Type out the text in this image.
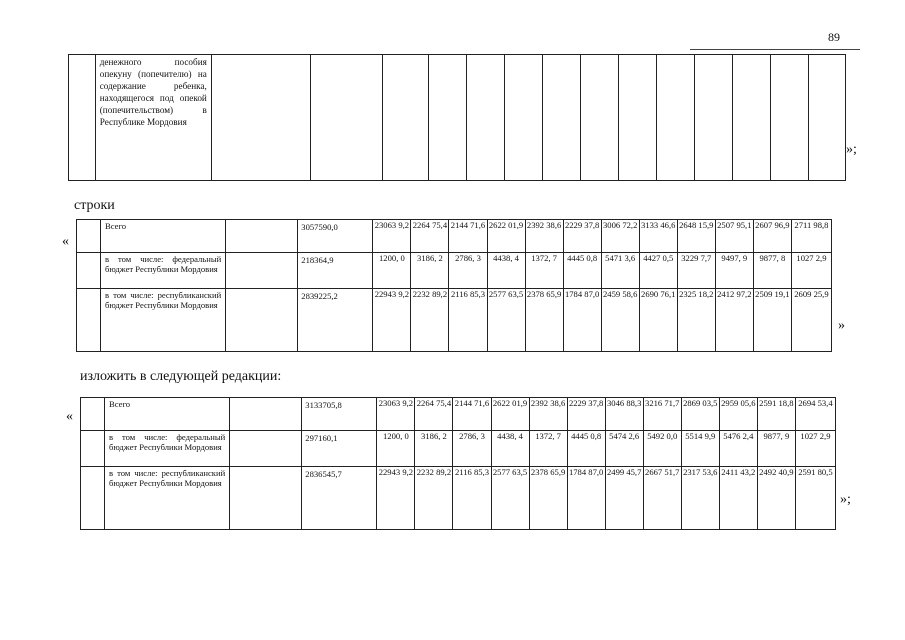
89
	денежного пособия опекуну (попечителю) на содержание ребенка, находящегося под опекой (попечительством) в Республике Мордовия														
»;
строки
«
	Всего		3057590,0	23063 9,2	2264 75,4	2144 71,6	2622 01,9	2392 38,6	2229 37,8	3006 72,2	3133 46,6	2648 15,9	2507 95,1	2607 96,9	2711 98,8
	в том числе: федеральный бюджет Республики Мордовия		218364,9	1200, 0	3186, 2	2786, 3	4438, 4	1372, 7	4445 0,8	5471 3,6	4427 0,5	3229 7,7	9497, 9	9877, 8	1027 2,9
	в том числе: республиканский бюджет Республики Мордовия		2839225,2	22943 9,2	2232 89,2	2116 85,3	2577 63,5	2378 65,9	1784 87,0	2459 58,6	2690 76,1	2325 18,2	2412 97,2	2509 19,1	2609 25,9
»
изложить в следующей редакции:
«
	Всего		3133705,8	23063 9,2	2264 75,4	2144 71,6	2622 01,9	2392 38,6	2229 37,8	3046 88,3	3216 71,7	2869 03,5	2959 05,6	2591 18,8	2694 53,4
	в том числе: федеральный бюджет Республики Мордовия		297160,1	1200, 0	3186, 2	2786, 3	4438, 4	1372, 7	4445 0,8	5474 2,6	5492 0,0	5514 9,9	5476 2,4	9877, 9	1027 2,9
	в том числе: республиканский бюджет Республики Мордовия		2836545,7	22943 9,2	2232 89,2	2116 85,3	2577 63,5	2378 65,9	1784 87,0	2499 45,7	2667 51,7	2317 53,6	2411 43,2	2492 40,9	2591 80,5
»;
